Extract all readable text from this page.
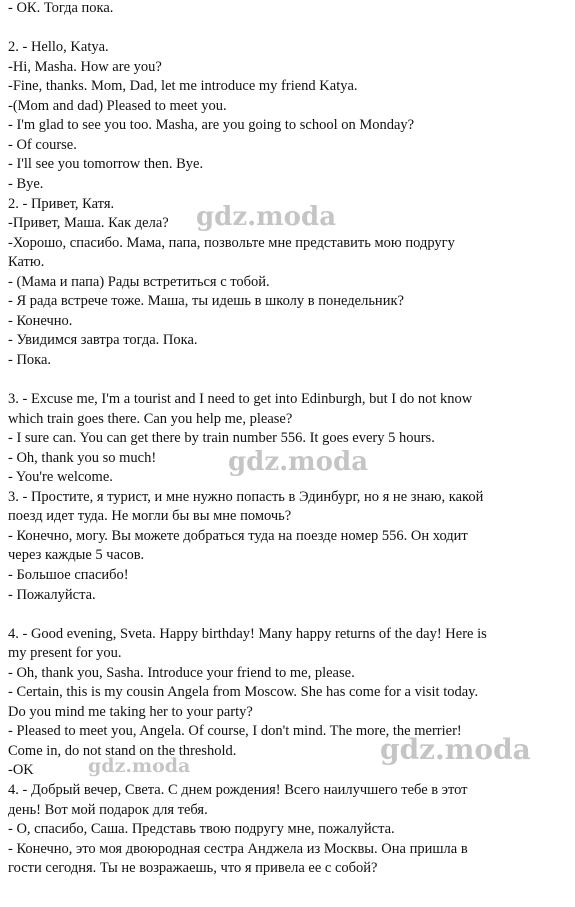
- ОК. Тогда пока.
2. - Hello, Katya.
-Hi, Masha. How are you?
-Fine, thanks. Mom, Dad, let me introduce my friend Katya.
-(Mom and dad) Pleased to meet you.
- I'm glad to see you too. Masha, are you going to school on Monday?
- Of course.
- I'll see you tomorrow then. Bye.
- Bye.
2. - Привет, Катя.
-Привет, Маша. Как дела?
-Хорошо, спасибо. Мама, папа, позвольте мне представить мою подругу
Катю.
- (Мама и папа) Рады встретиться с тобой.
- Я рада встрече тоже. Маша, ты идешь в школу в понедельник?
- Конечно.
- Увидимся завтра тогда. Пока.
- Пока.
3. - Excuse me, I'm a tourist and I need to get into Edinburgh, but I do not know
which train goes there. Can you help me, please?
- I sure can. You can get there by train number 556. It goes every 5 hours.
- Oh, thank you so much!
- You're welcome.
3. - Простите, я турист, и мне нужно попасть в Эдинбург, но я не знаю, какой
поезд идет туда. Не могли бы вы мне помочь?
- Конечно, могу. Вы можете добраться туда на поезде номер 556. Он ходит
через каждые 5 часов.
- Большое спасибо!
- Пожалуйста.
4. - Good evening, Sveta. Happy birthday! Many happy returns of the day! Here is
my present for you.
- Oh, thank you, Sasha. Introduce your friend to me, please.
- Certain, this is my cousin Angela from Moscow. She has come for a visit today.
Do you mind me taking her to your party?
- Pleased to meet you, Angela. Of course, I don't mind. The more, the merrier!
Come in, do not stand on the threshold.
-OK
4. - Добрый вечер, Света. С днем рождения! Всего наилучшего тебе в этот
день! Вот мой подарок для тебя.
- О, спасибо, Саша. Представь твою подругу мне, пожалуйста.
- Конечно, это моя двоюродная сестра Анджела из Москвы. Она пришла в
гости сегодня. Ты не возражаешь, что я привела ее с собой?
gdz.moda
gdz.moda
gdz.moda
gdz.moda
